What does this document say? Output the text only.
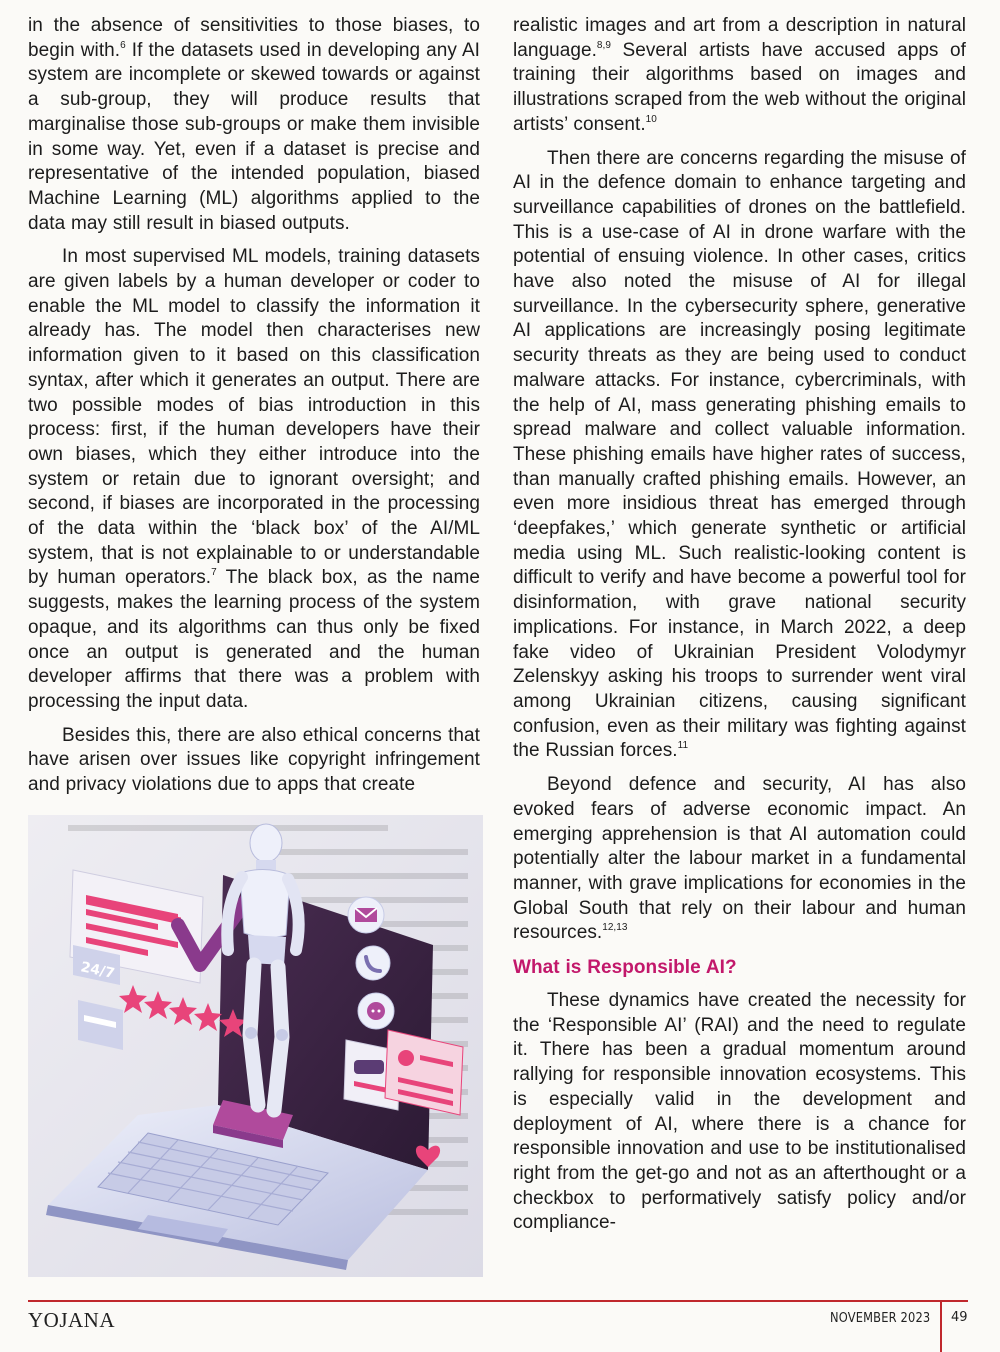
in the absence of sensitivities to those biases, to begin with.$^6$ If the datasets used in developing any AI system are incomplete or skewed towards or against a sub-group, they will produce results that marginalise those sub-groups or make them invisible in some way. Yet, even if a dataset is precise and representative of the intended population, biased Machine Learning (ML) algorithms applied to the data may still result in biased outputs.

In most supervised ML models, training datasets are given labels by a human developer or coder to enable the ML model to classify the information it already has. The model then characterises new information given to it based on this classification syntax, after which it generates an output. There are two possible modes of bias introduction in this process: first, if the human developers have their own biases, which they either introduce into the system or retain due to ignorant oversight; and second, if biases are incorporated in the processing of the data within the ‘black box’ of the AI/ML system, that is not explainable to or understandable by human operators.$^7$ The black box, as the name suggests, makes the learning process of the system opaque, and its algorithms can thus only be fixed once an output is generated and the human developer affirms that there was a problem with processing the input data.

Besides this, there are also ethical concerns that have arisen over issues like copyright infringement and privacy violations due to apps that create

24/7

realistic images and art from a description in natural language.$^{8,9}$ Several artists have accused apps of training their algorithms based on images and illustrations scraped from the web without the original artists’ consent.$^{10}$

Then there are concerns regarding the misuse of AI in the defence domain to enhance targeting and surveillance capabilities of drones on the battlefield. This is a use-case of AI in drone warfare with the potential of ensuing violence. In other cases, critics have also noted the misuse of AI for illegal surveillance. In the cybersecurity sphere, generative AI applications are increasingly posing legitimate security threats as they are being used to conduct malware attacks. For instance, cybercriminals, with the help of AI, mass generating phishing emails to spread malware and collect valuable information. These phishing emails have higher rates of success, than manually crafted phishing emails. However, an even more insidious threat has emerged through ‘deepfakes,’ which generate synthetic or artificial media using ML. Such realistic-looking content is difficult to verify and have become a powerful tool for disinformation, with grave national security implications. For instance, in March 2022, a deep fake video of Ukrainian President Volodymyr Zelenskyy asking his troops to surrender went viral among Ukrainian citizens, causing significant confusion, even as their military was fighting against the Russian forces.$^{11}$

Beyond defence and security, AI has also evoked fears of adverse economic impact. An emerging apprehension is that AI automation could potentially alter the labour market in a fundamental manner, with grave implications for economies in the Global South that rely on their labour and human resources.$^{12,13}$

What is Responsible AI?

These dynamics have created the necessity for the ‘Responsible AI’ (RAI) and the need to regulate it. There has been a gradual momentum around rallying for responsible innovation ecosystems. This is especially valid in the development and deployment of AI, where there is a chance for responsible innovation and use to be institutionalised right from the get-go and not as an afterthought or a checkbox to performatively satisfy policy and/or compliance-

YOJANA	NOVEMBER 2023 49
